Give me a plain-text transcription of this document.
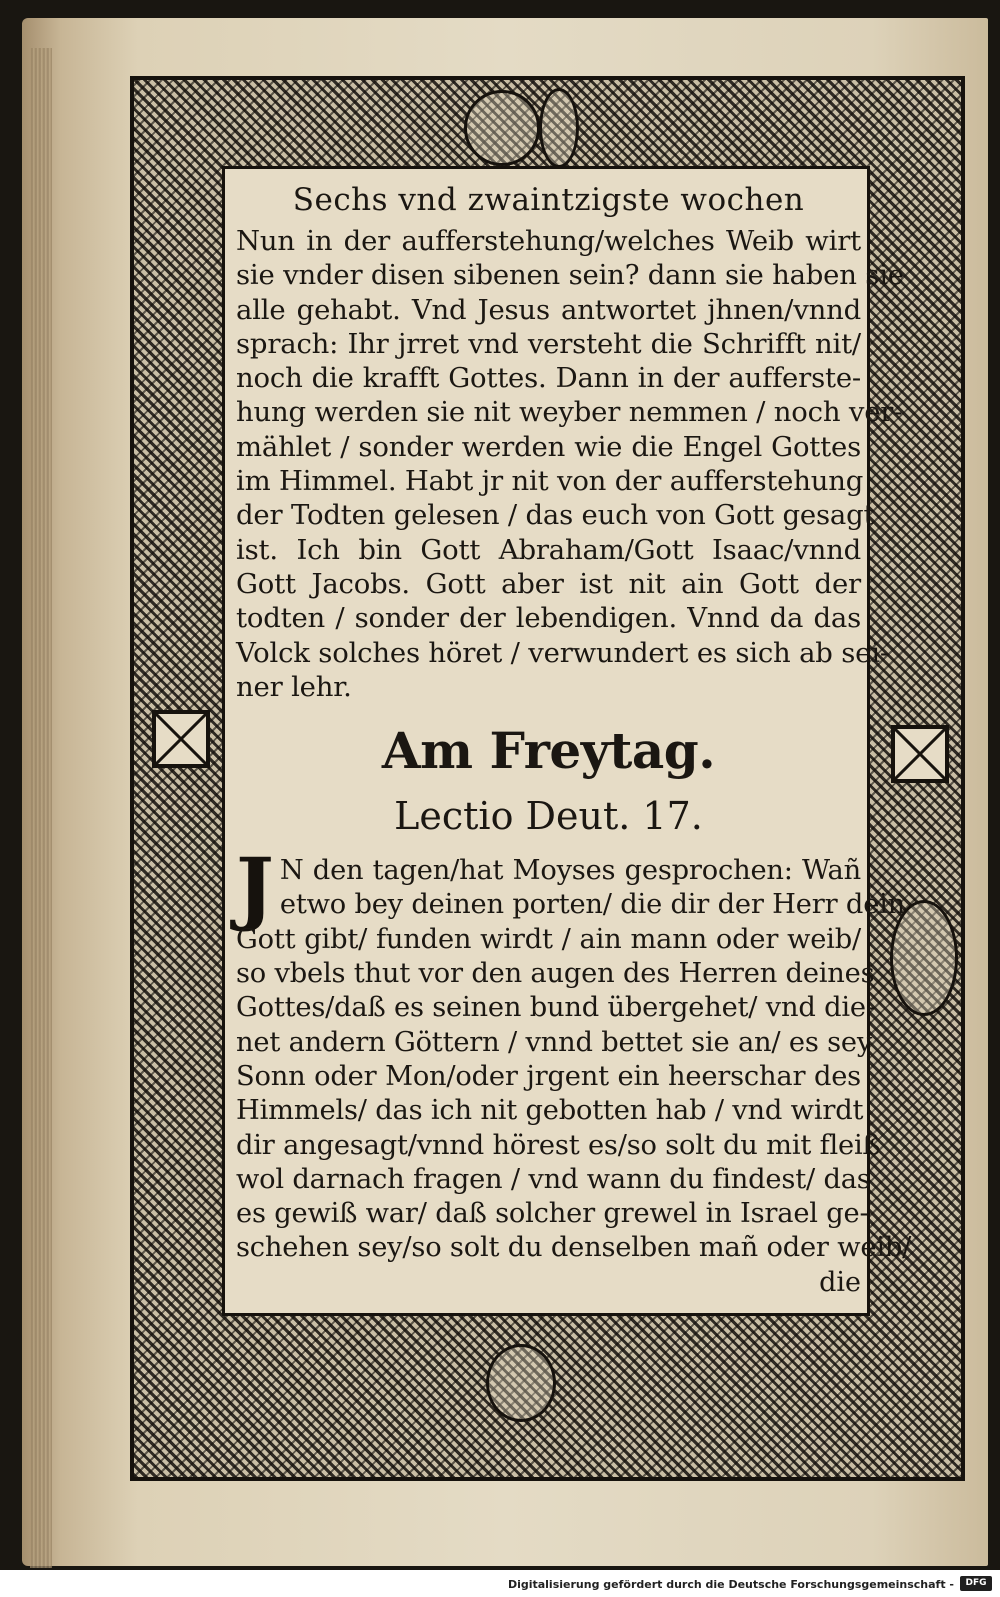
Sechs vnd zwaintzigste wochen
Nun in der aufferstehung/welches Weib wirt
sie vnder disen sibenen sein? dann sie haben sie
alle gehabt. Vnd Jesus antwortet jhnen/vnnd
sprach: Ihr jrret vnd versteht die Schrifft nit/
noch die krafft Gottes. Dann in der aufferste-
hung werden sie nit weyber nemmen / noch ver-
mählet / sonder werden wie die Engel Gottes
im Himmel. Habt jr nit von der aufferstehung
der Todten gelesen / das euch von Gott gesagt
ist. Ich bin Gott Abraham/Gott Isaac/vnnd
Gott Jacobs. Gott aber ist nit ain Gott der
todten / sonder der lebendigen. Vnnd da das
Volck solches höret / verwundert es sich ab sei-
ner lehr.
Am Freytag.
Lectio Deut. 17.
J N den tagen/hat Moyses gesprochen: Wañ
etwo bey deinen porten/ die dir der Herr dein
Gott gibt/ funden wirdt / ain mann oder weib/
so vbels thut vor den augen des Herren deines
Gottes/daß es seinen bund übergehet/ vnd die-
net andern Göttern / vnnd bettet sie an/ es sey
Sonn oder Mon/oder jrgent ein heerschar des
Himmels/ das ich nit gebotten hab / vnd wirdt
dir angesagt/vnnd hörest es/so solt du mit fleiß
wol darnach fragen / vnd wann du findest/ das
es gewiß war/ daß solcher grewel in Israel ge-
schehen sey/so solt du denselben mañ oder weib/
die
Digitalisierung gefördert durch die Deutsche Forschungsgemeinschaft -	DFG
